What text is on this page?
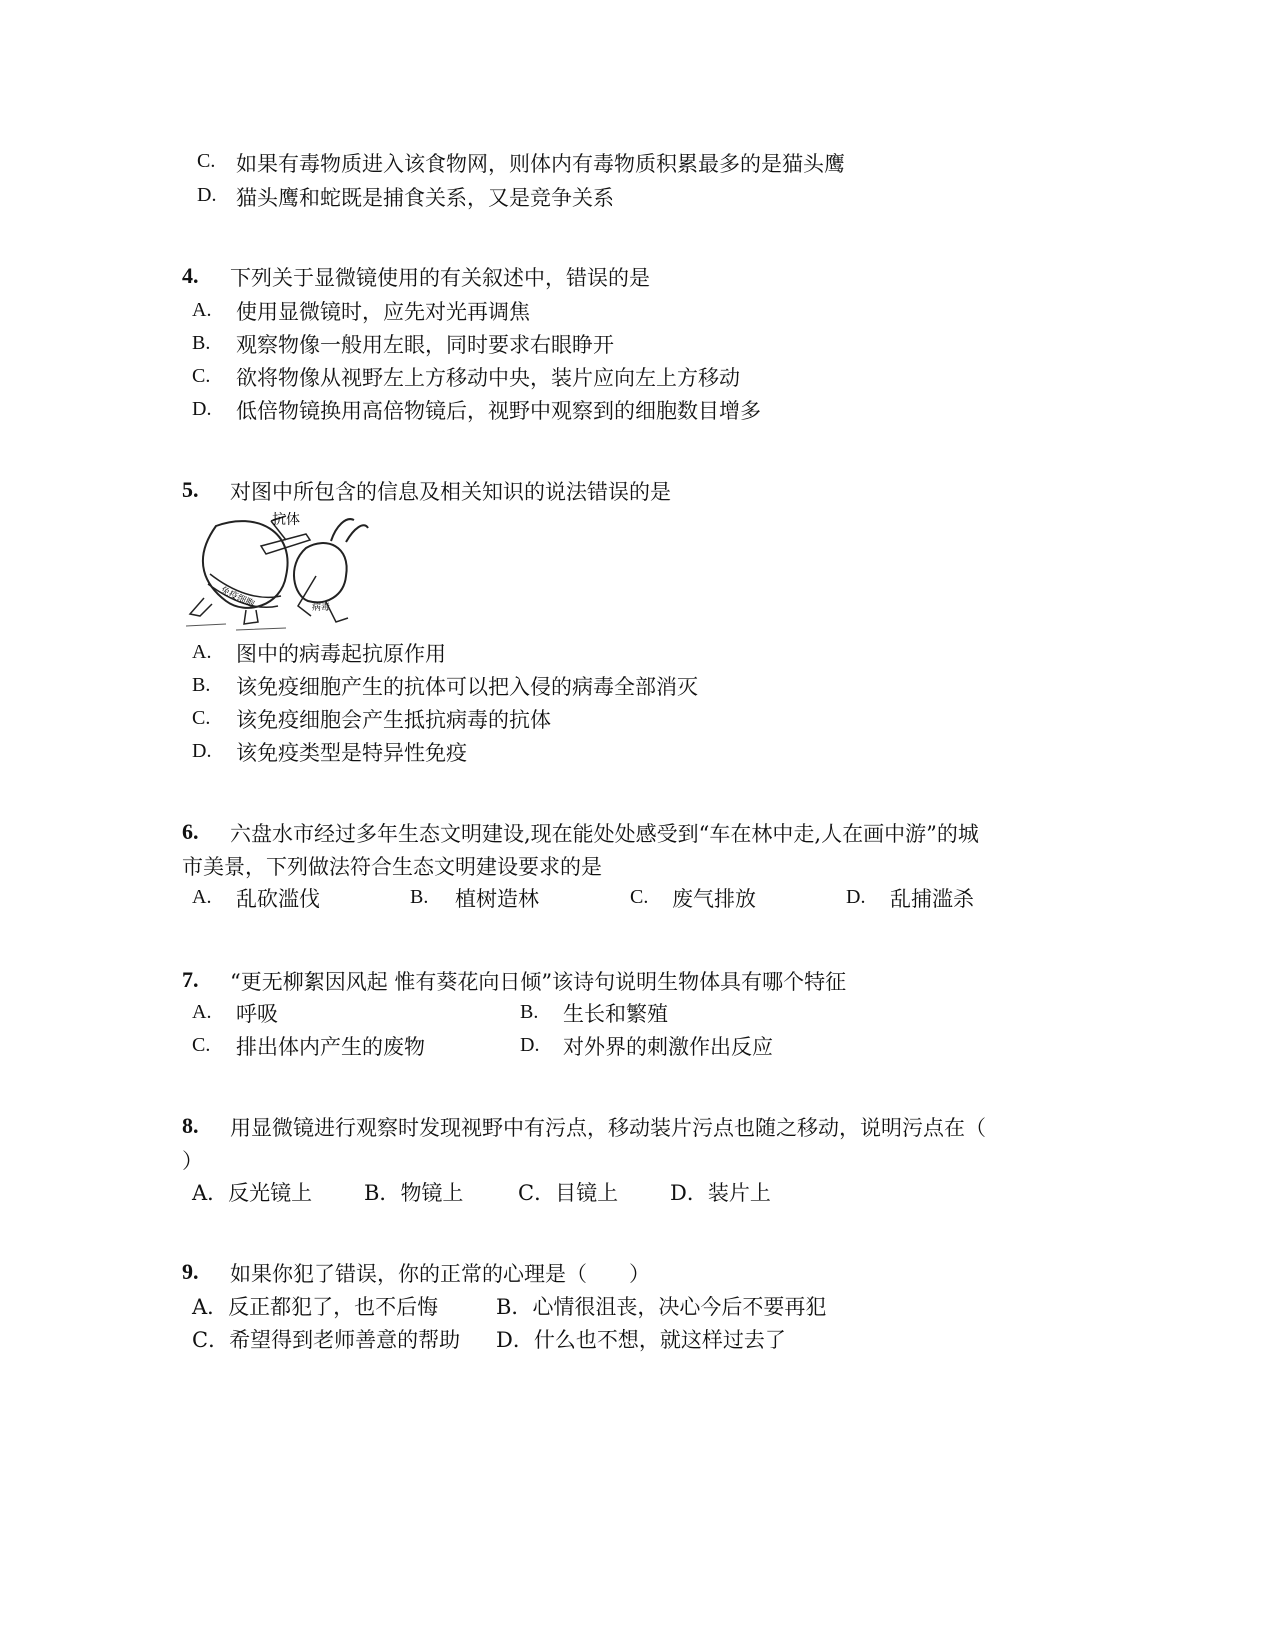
C. 如果有毒物质进入该食物网，则体内有毒物质积累最多的是猫头鹰
D. 猫头鹰和蛇既是捕食关系，又是竞争关系
4. 下列关于显微镜使用的有关叙述中，错误的是
A. 使用显微镜时，应先对光再调焦
B. 观察物像一般用左眼，同时要求右眼睁开
C. 欲将物像从视野左上方移动中央，装片应向左上方移动
D. 低倍物镜换用高倍物镜后，视野中观察到的细胞数目增多
5. 对图中所包含的信息及相关知识的说法错误的是
免疫细胞
抗体
病毒
A. 图中的病毒起抗原作用
B. 该免疫细胞产生的抗体可以把入侵的病毒全部消灭
C. 该免疫细胞会产生抵抗病毒的抗体
D. 该免疫类型是特异性免疫
6. 六盘水市经过多年生态文明建设,现在能处处感受到“车在林中走,人在画中游”的城
市美景，下列做法符合生态文明建设要求的是
A. 乱砍滥伐	B. 植树造林	C. 废气排放	D. 乱捕滥杀
7. “更无柳絮因风起 惟有葵花向日倾”该诗句说明生物体具有哪个特征
A. 呼吸	B. 生长和繁殖
C. 排出体内产生的废物	D. 对外界的刺激作出反应
8. 用显微镜进行观察时发现视野中有污点，移动装片污点也随之移动，说明污点在（
）
A．反光镜上 B．物镜上	C．目镜上 D．装片上
9. 如果你犯了错误，你的正常的心理是（　　）
A．反正都犯了，也不后悔	B．心情很沮丧，决心今后不要再犯
C．希望得到老师善意的帮助 D．什么也不想，就这样过去了
